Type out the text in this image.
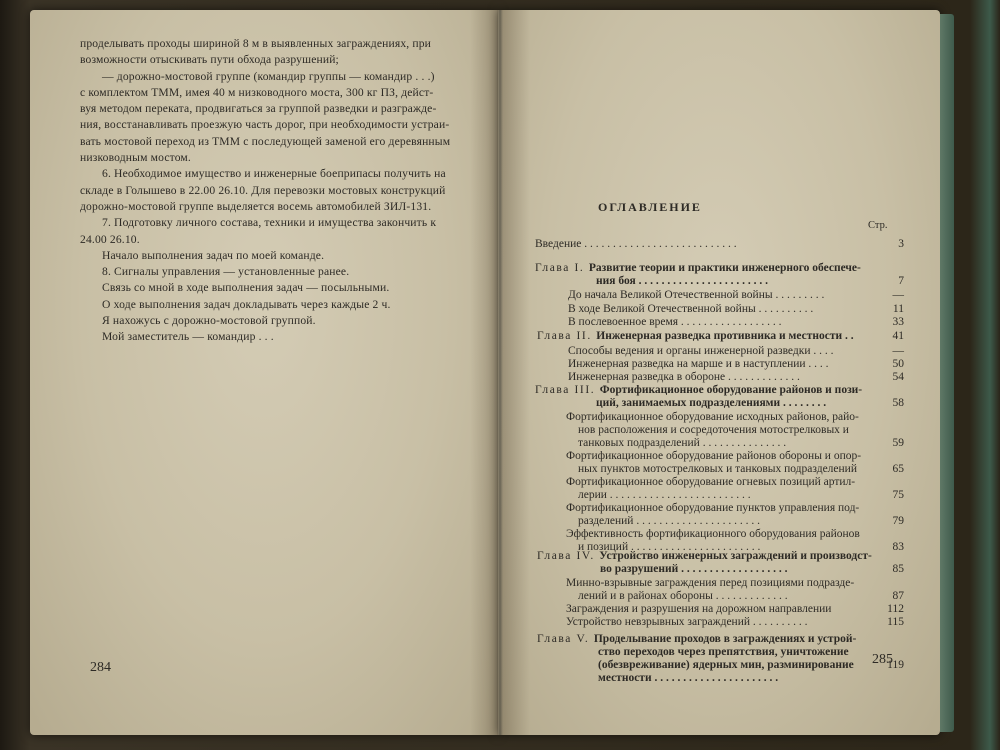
проделывать проходы шириной 8 м в выявленных заграждениях, при
возможности отыскивать пути обхода разрушений;
— дорожно-мостовой группе (командир группы — командир . . .)
с комплектом ТММ, имея 40 м низководного моста, 300 кг ПЗ, дейст-
вуя методом переката, продвигаться за группой разведки и разгражде-
ния, восстанавливать проезжую часть дорог, при необходимости устраи-
вать мостовой переход из ТММ с последующей заменой его деревянным
низководным мостом.
6. Необходимое имущество и инженерные боеприпасы получить на
складе в Голышево в 22.00 26.10. Для перевозки мостовых конструкций
дорожно-мостовой группе выделяется восемь автомобилей ЗИЛ-131.
7. Подготовку личного состава, техники и имущества закончить к
24.00 26.10.
Начало выполнения задач по моей команде.
8. Сигналы управления — установленные ранее.
Связь со мной в ходе выполнения задач — посыльными.
О ходе выполнения задач докладывать через каждые 2 ч.
Я нахожусь с дорожно-мостовой группой.
Мой заместитель — командир . . .
284
ОГЛАВЛЕНИЕ
Стр.
Введение . . . . . . . . . . . . . . . . . . . . . . . . . . .	3
Глава I. Развитие теории и практики инженерного обеспече-
ния боя . . . . . . . . . . . . . . . . . . . . . . .	7
До начала Великой Отечественной войны . . . . . . . . .	—
В ходе Великой Отечественной войны . . . . . . . . . .	11
В послевоенное время . . . . . . . . . . . . . . . . . .	33
Глава II. Инженерная разведка противника и местности . .	41
Способы ведения и органы инженерной разведки . . . .	—
Инженерная разведка на марше и в наступлении . . . .	50
Инженерная разведка в обороне . . . . . . . . . . . . .	54
Глава III. Фортификационное оборудование районов и пози-
ций, занимаемых подразделениями . . . . . . . .	58
Фортификационное оборудование исходных районов, райо-
нов расположения и сосредоточения мотострелковых и
танковых подразделений . . . . . . . . . . . . . . .	59
Фортификационное оборудование районов обороны и опор-
ных пунктов мотострелковых и танковых подразделений	65
Фортификационное оборудование огневых позиций артил-
лерии . . . . . . . . . . . . . . . . . . . . . . . . .	75
Фортификационное оборудование пунктов управления под-
разделений . . . . . . . . . . . . . . . . . . . . . .	79
Эффективность фортификационного оборудования районов
и позиций . . . . . . . . . . . . . . . . . . . . . . .	83
Глава IV. Устройство инженерных заграждений и производст-
во разрушений . . . . . . . . . . . . . . . . . . .	85
Минно-взрывные заграждения перед позициями подразде-
лений и в районах обороны . . . . . . . . . . . . .	87
Заграждения и разрушения на дорожном направлении	112
Устройство невзрывных заграждений . . . . . . . . . .	115
Глава V. Проделывание проходов в заграждениях и устрой-
ство переходов через препятствия, уничтожение
(обезвреживание) ядерных мин, разминирование	119
местности . . . . . . . . . . . . . . . . . . . . . .
285
